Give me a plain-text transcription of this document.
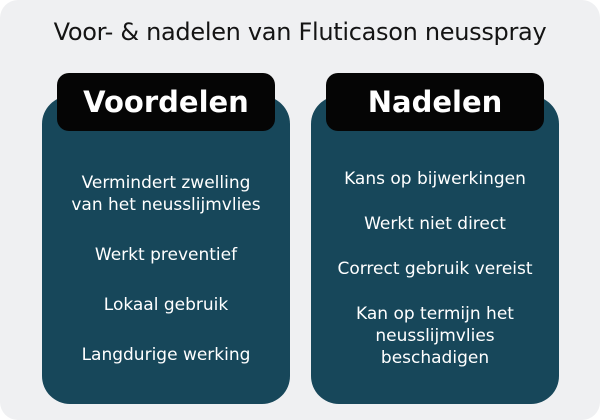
Voor- & nadelen van Fluticason neusspray
Vermindert zwelling
van het neusslijmvlies
Werkt preventief
Lokaal gebruik
Langdurige werking
Kans op bijwerkingen
Werkt niet direct
Correct gebruik vereist
Kan op termijn het
neusslijmvlies
beschadigen
Voordelen	Nadelen
